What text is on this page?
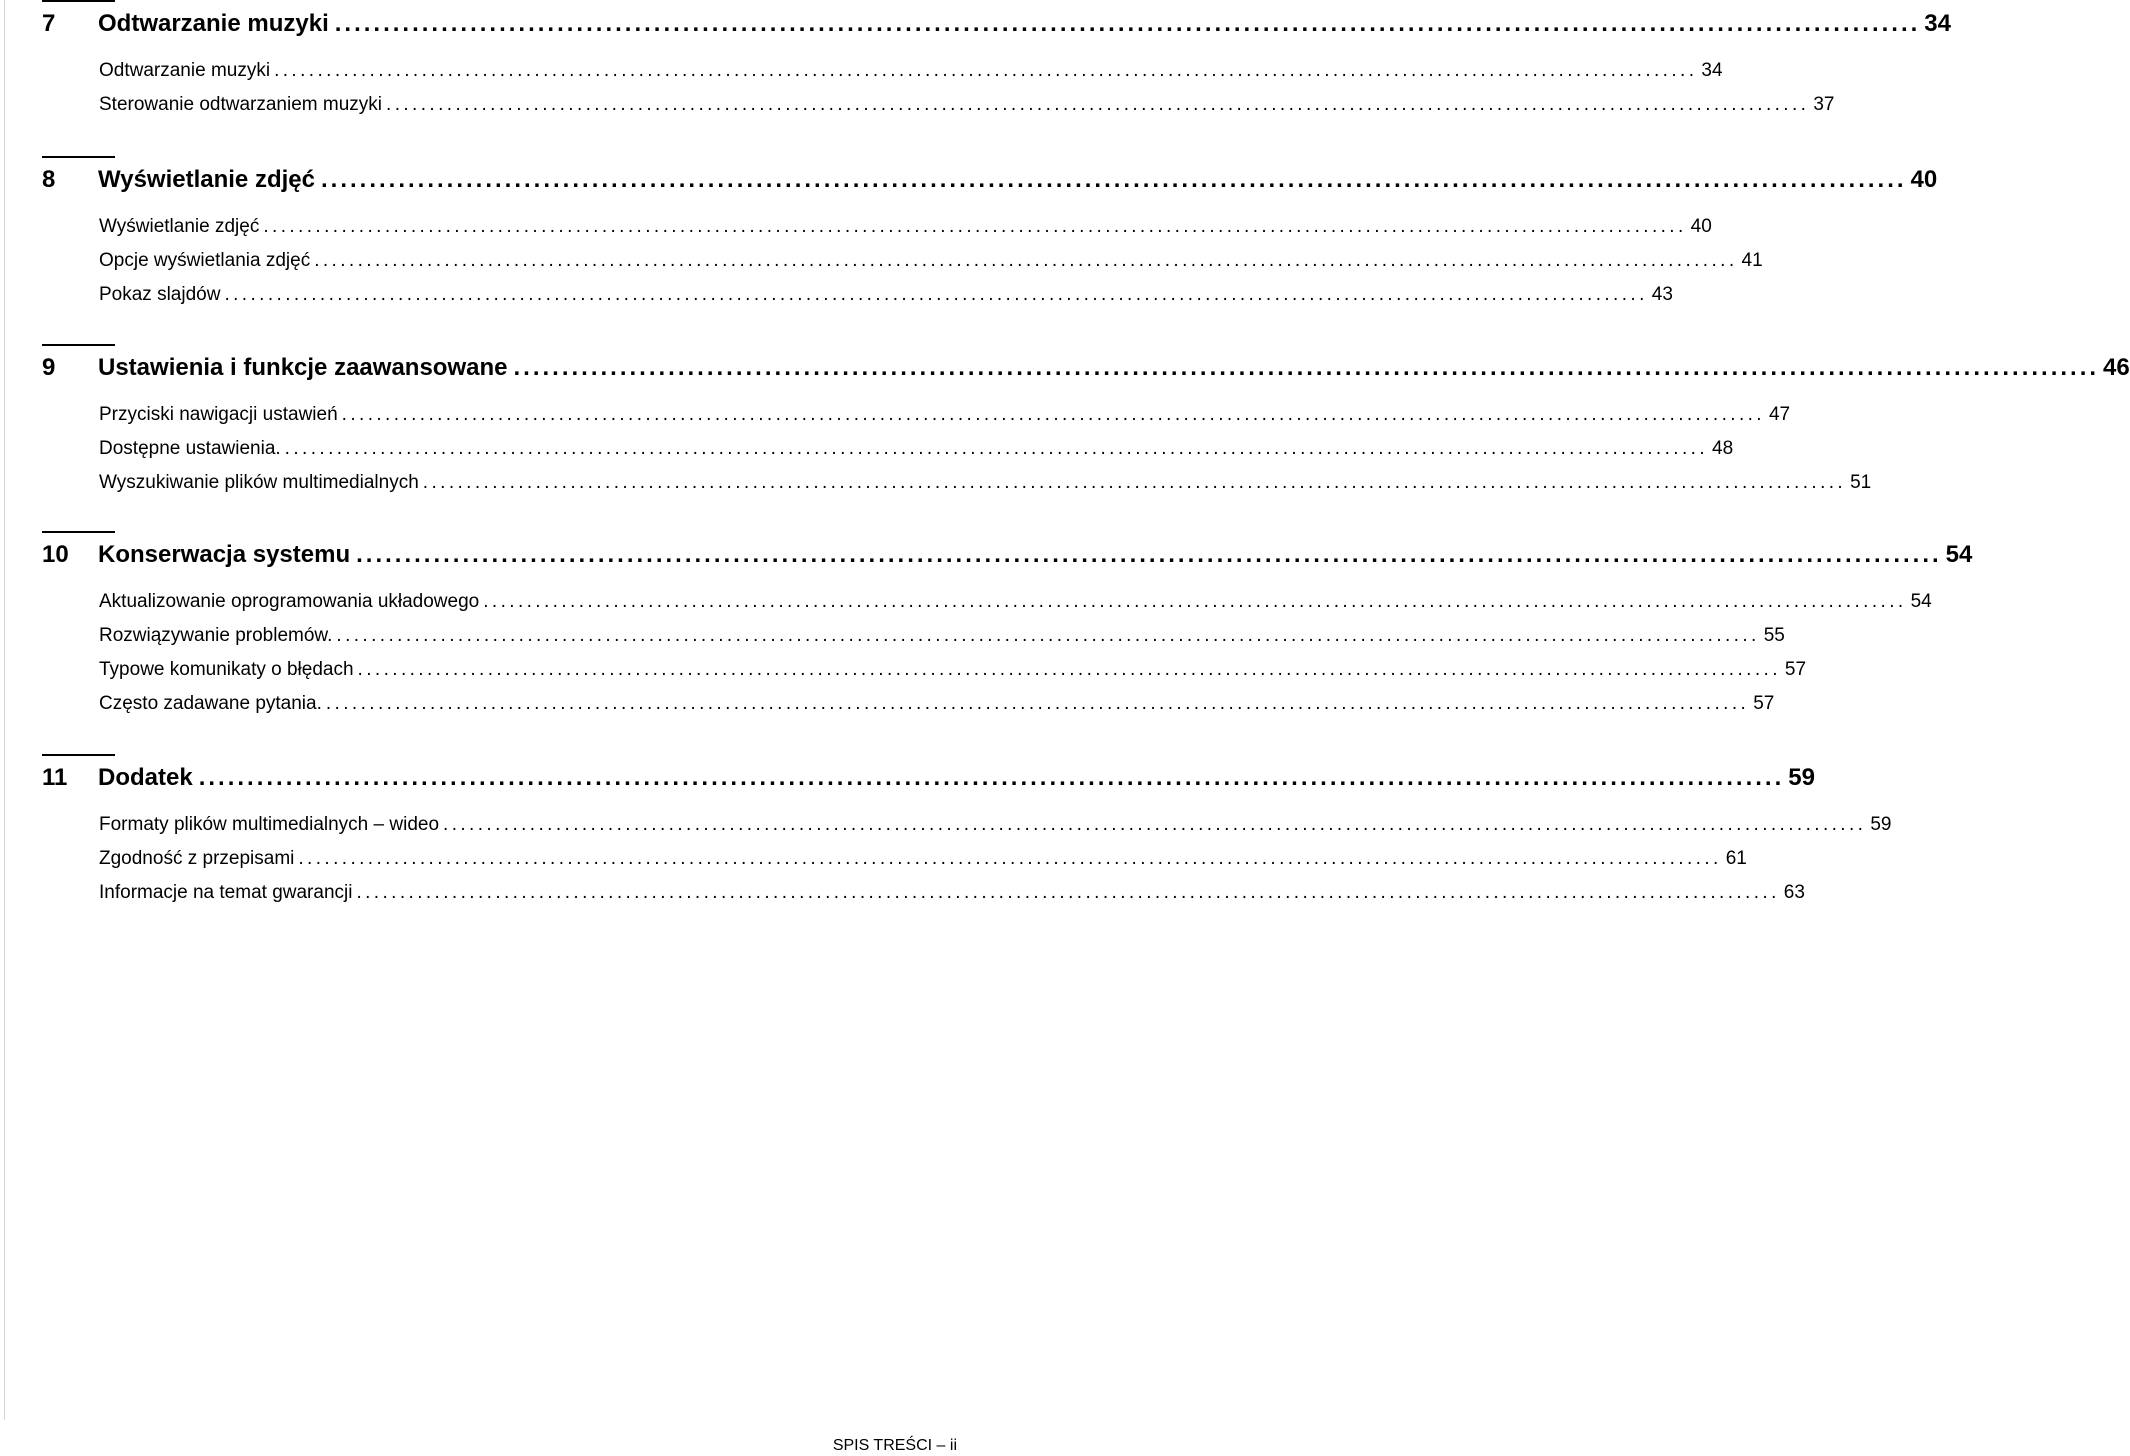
7	Odtwarzanie muzyki .................................................................................................................................................................... 34
Odtwarzanie muzyki .................................................................................................................................................................... 34
Sterowanie odtwarzaniem muzyki .................................................................................................................................................................... 37
8	Wyświetlanie zdjęć .................................................................................................................................................................... 40
Wyświetlanie zdjęć .................................................................................................................................................................... 40
Opcje wyświetlania zdjęć .................................................................................................................................................................... 41
Pokaz slajdów .................................................................................................................................................................... 43
9	Ustawienia i funkcje zaawansowane .................................................................................................................................................................... 46
Przyciski nawigacji ustawień .................................................................................................................................................................... 47
Dostępne ustawienia. .................................................................................................................................................................... 48
Wyszukiwanie plików multimedialnych .................................................................................................................................................................... 51
10	Konserwacja systemu .................................................................................................................................................................... 54
Aktualizowanie oprogramowania układowego .................................................................................................................................................................... 54
Rozwiązywanie problemów. .................................................................................................................................................................... 55
Typowe komunikaty o błędach .................................................................................................................................................................... 57
Często zadawane pytania. .................................................................................................................................................................... 57
11	Dodatek .................................................................................................................................................................... 59
Formaty plików multimedialnych – wideo .................................................................................................................................................................... 59
Zgodność z przepisami .................................................................................................................................................................... 61
Informacje na temat gwarancji .................................................................................................................................................................... 63
SPIS TREŚCI – ii
